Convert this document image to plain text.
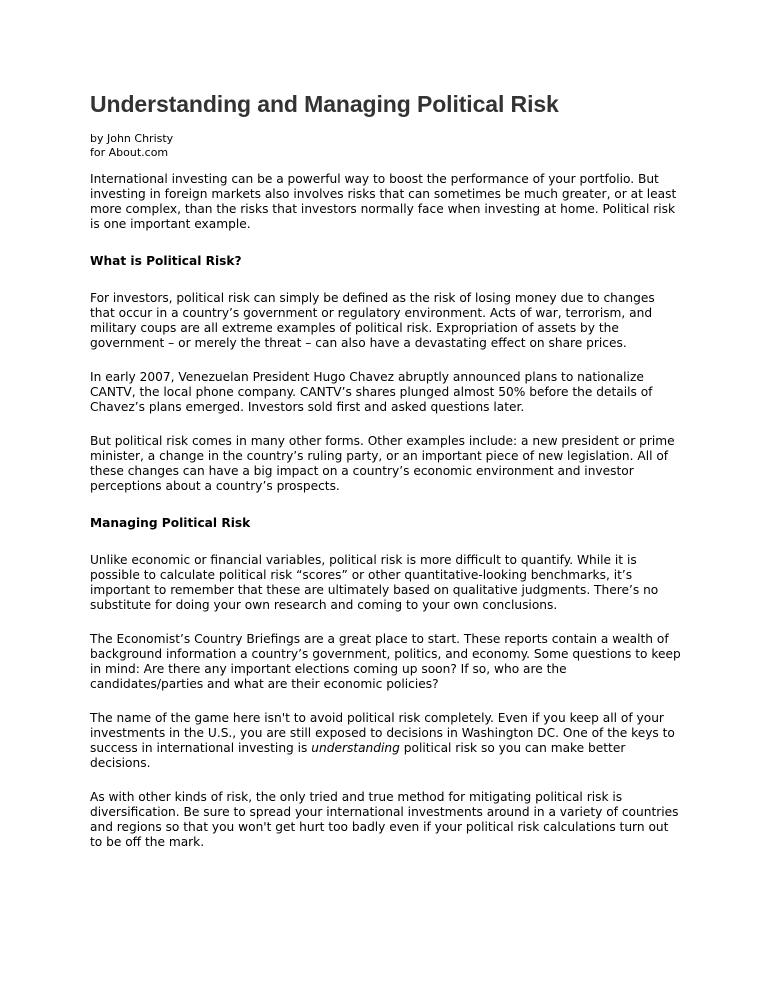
Understanding and Managing Political Risk
by John Christy
for About.com

International investing can be a powerful way to boost the performance of your portfolio. But investing in foreign markets also involves risks that can sometimes be much greater, or at least more complex, than the risks that investors normally face when investing at home. Political risk is one important example.

What is Political Risk?

For investors, political risk can simply be defined as the risk of losing money due to changes that occur in a country’s government or regulatory environment. Acts of war, terrorism, and military coups are all extreme examples of political risk. Expropriation of assets by the government – or merely the threat – can also have a devastating effect on share prices.

In early 2007, Venezuelan President Hugo Chavez abruptly announced plans to nationalize CANTV, the local phone company. CANTV’s shares plunged almost 50% before the details of Chavez’s plans emerged. Investors sold first and asked questions later.

But political risk comes in many other forms. Other examples include: a new president or prime minister, a change in the country’s ruling party, or an important piece of new legislation. All of these changes can have a big impact on a country’s economic environment and investor perceptions about a country’s prospects.

Managing Political Risk

Unlike economic or financial variables, political risk is more difficult to quantify. While it is possible to calculate political risk “scores” or other quantitative-looking benchmarks, it’s important to remember that these are ultimately based on qualitative judgments. There’s no substitute for doing your own research and coming to your own conclusions.

The Economist’s Country Briefings are a great place to start. These reports contain a wealth of background information a country’s government, politics, and economy. Some questions to keep in mind: Are there any important elections coming up soon? If so, who are the candidates/parties and what are their economic policies?

The name of the game here isn't to avoid political risk completely. Even if you keep all of your investments in the U.S., you are still exposed to decisions in Washington DC. One of the keys to success in international investing is understanding political risk so you can make better decisions.

As with other kinds of risk, the only tried and true method for mitigating political risk is diversification. Be sure to spread your international investments around in a variety of countries and regions so that you won't get hurt too badly even if your political risk calculations turn out to be off the mark.
